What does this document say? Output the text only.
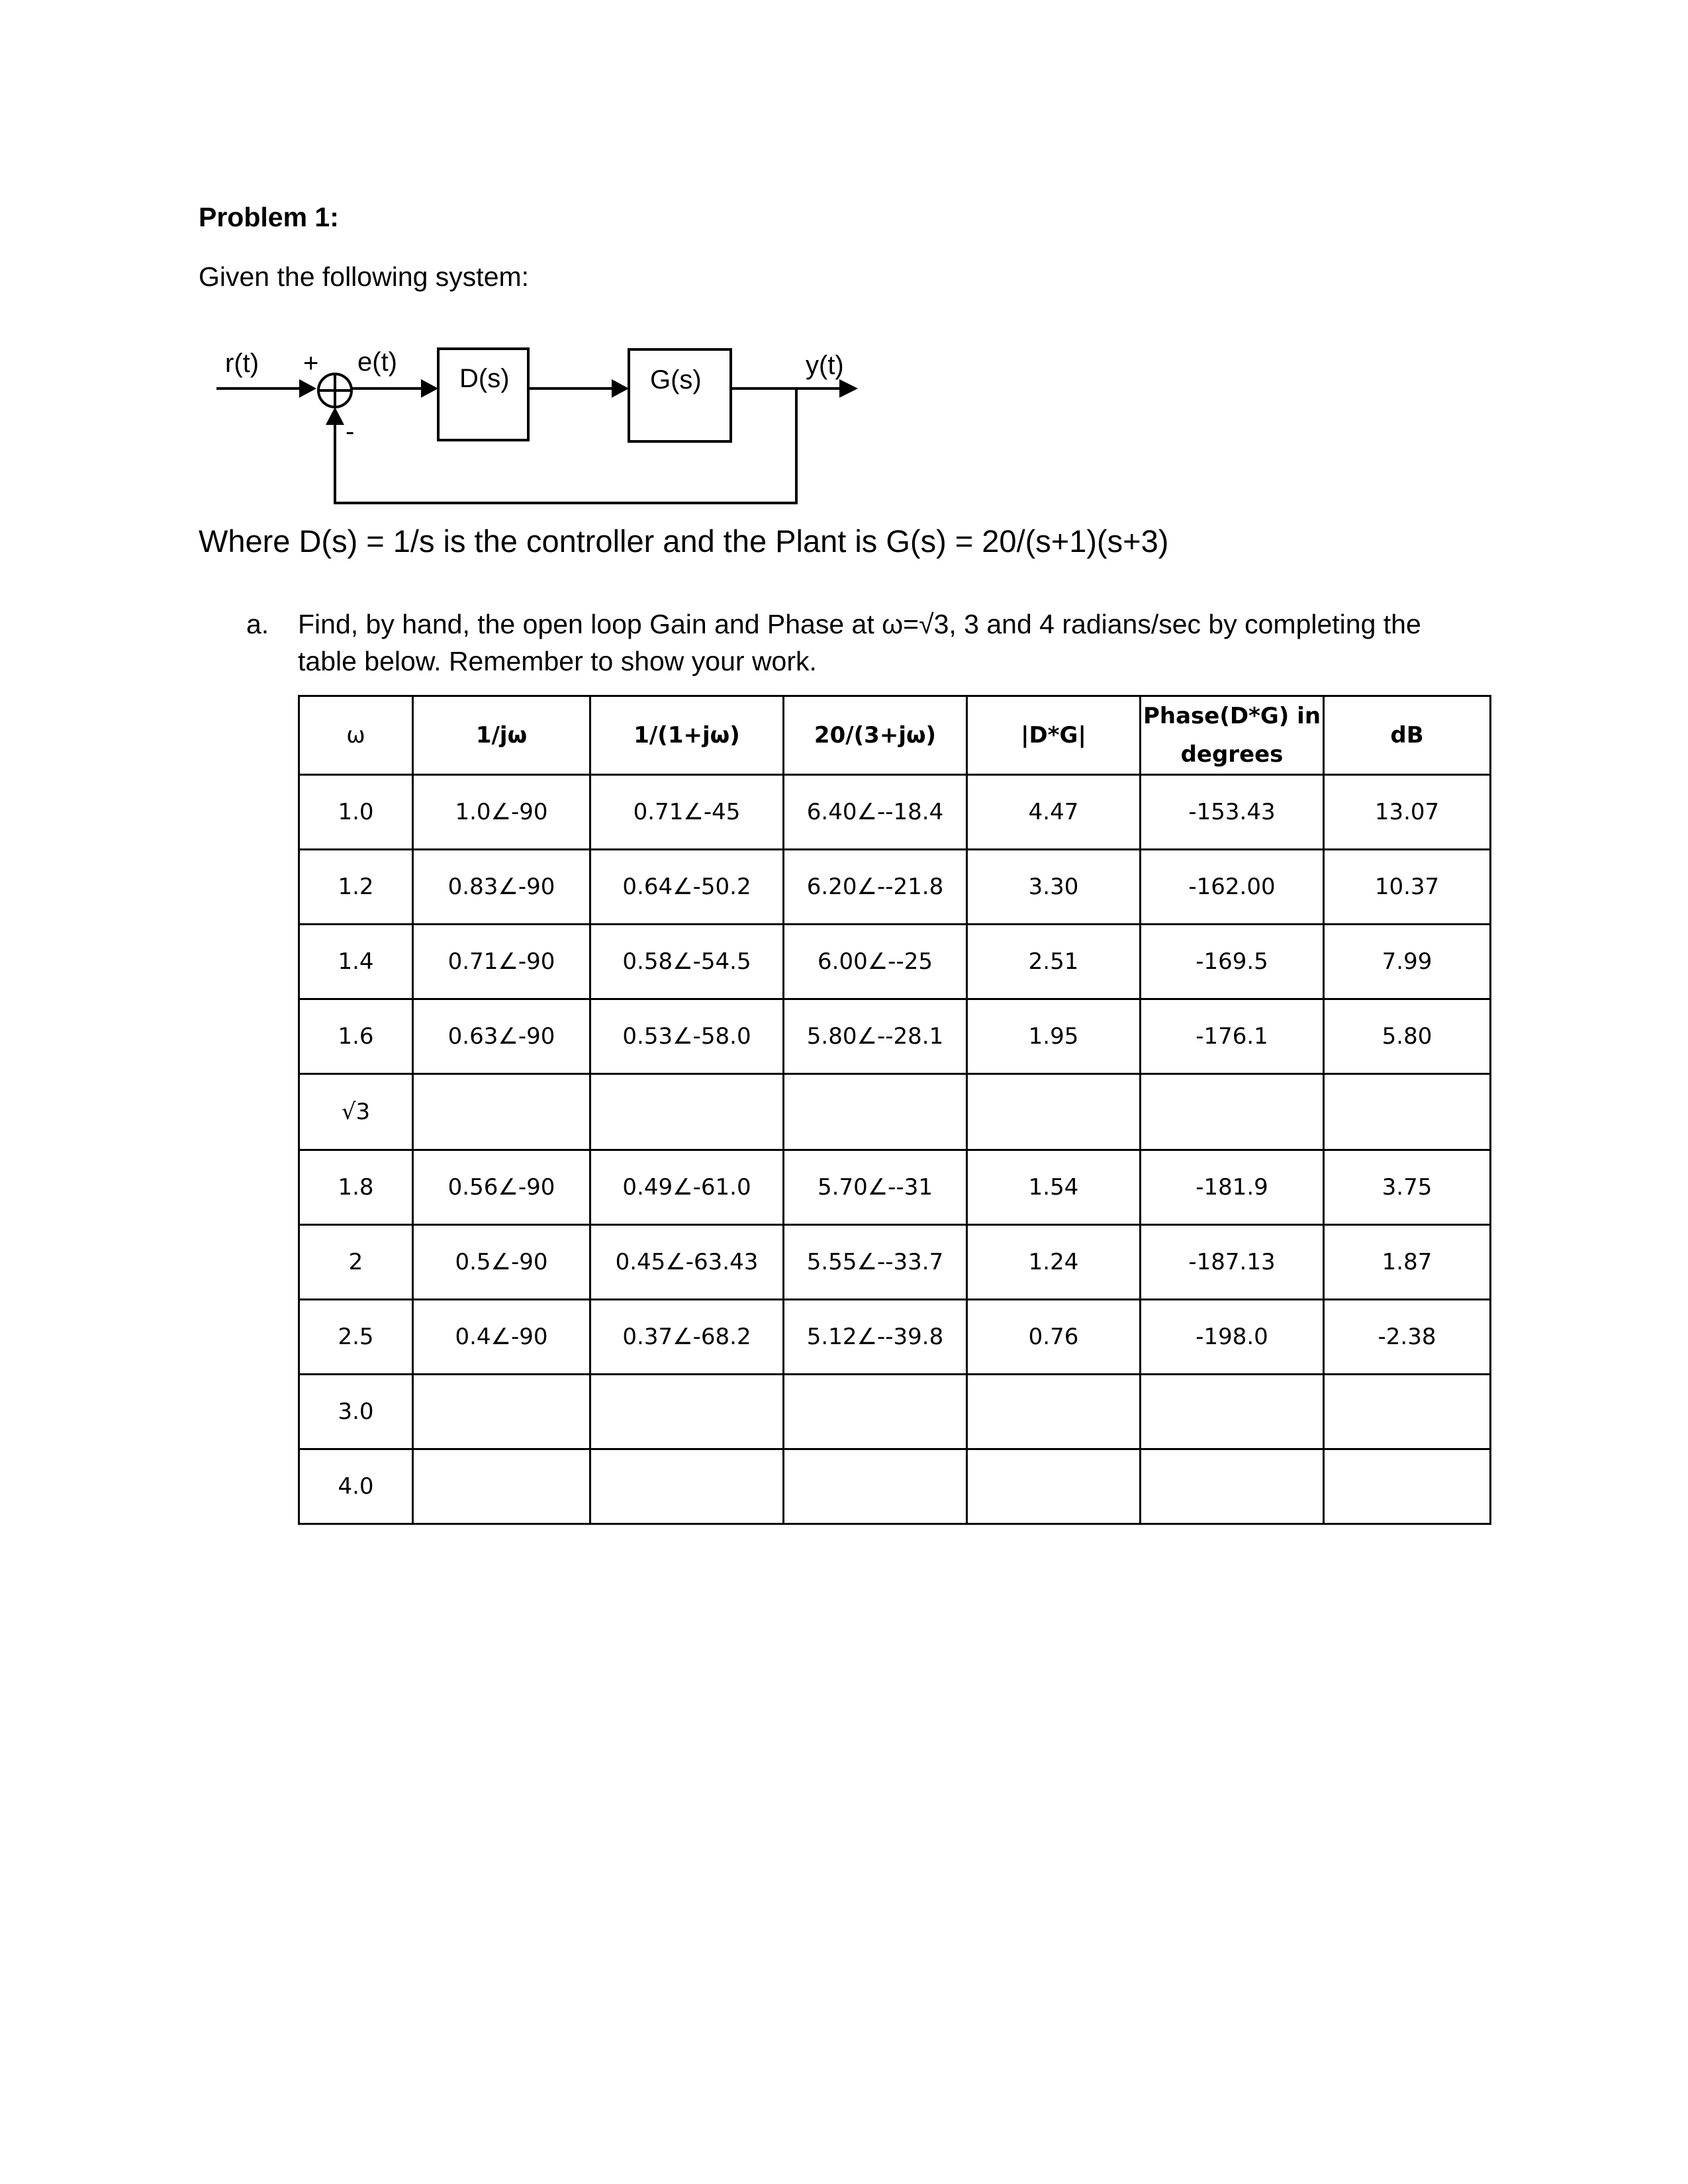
Problem 1:
Given the following system:
r(t) +
-
e(t)
D(s)	G(s)	y(t)
Where D(s) = 1/s is the controller and the Plant is G(s) = 20/(s+1)(s+3)
a. Find, by hand, the open loop Gain and Phase at ω=√3, 3 and 4 radians/sec by completing the table below. Remember to show your work.
ω	1/jω	1/(1+jω)	20/(3+jω)	|D*G|	Phase(D*G) in degrees	dB
1.0	1.0∠-90	0.71∠-45	6.40∠--18.4	4.47	-153.43	13.07
1.2	0.83∠-90	0.64∠-50.2	6.20∠--21.8	3.30	-162.00	10.37
1.4	0.71∠-90	0.58∠-54.5	6.00∠--25	2.51	-169.5	7.99
1.6	0.63∠-90	0.53∠-58.0	5.80∠--28.1	1.95	-176.1	5.80
√3						
1.8	0.56∠-90	0.49∠-61.0	5.70∠--31	1.54	-181.9	3.75
2	0.5∠-90	0.45∠-63.43	5.55∠--33.7	1.24	-187.13	1.87
2.5	0.4∠-90	0.37∠-68.2	5.12∠--39.8	0.76	-198.0	-2.38
3.0						
4.0						
